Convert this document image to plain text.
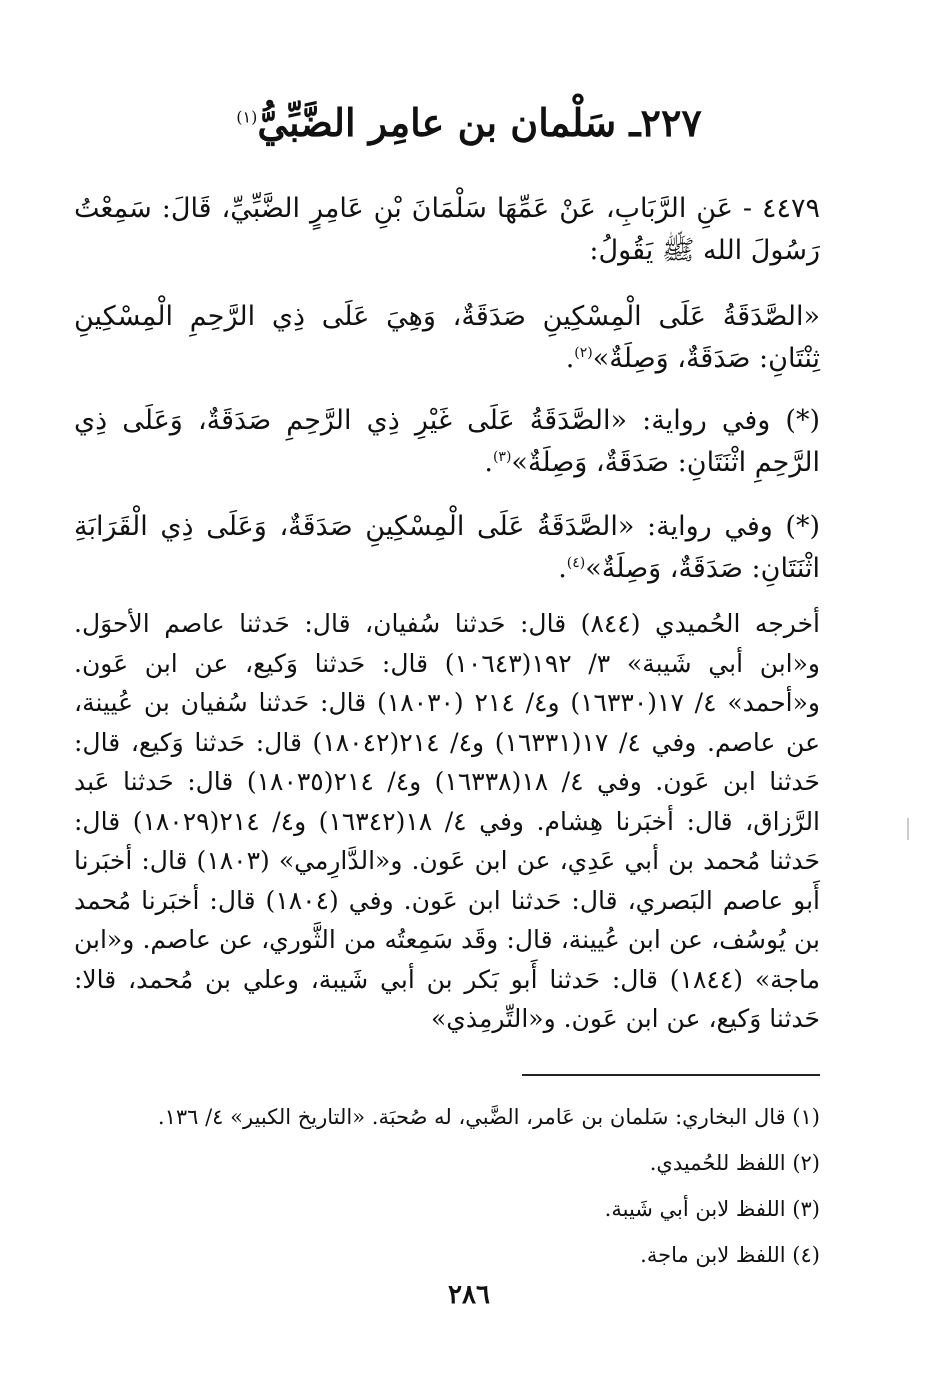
٢٢٧ـ سَلْمان بن عامِر الضَّبِّيُّ$^{(١)}$
٤٤٧٩ - عَنِ الرَّبَابِ، عَنْ عَمِّهَا سَلْمَانَ بْنِ عَامِرٍ الضَّبِّيِّ، قَالَ: سَمِعْتُ رَسُولَ الله ﷺ يَقُولُ:
«الصَّدَقَةُ عَلَى الْمِسْكِينِ صَدَقَةٌ، وَهِيَ عَلَى ذِي الرَّحِمِ الْمِسْكِينِ ثِنْتَانِ: صَدَقَةٌ، وَصِلَةٌ»$^{(٢)}$.
(*) وفي رواية: «الصَّدَقَةُ عَلَى غَيْرِ ذِي الرَّحِمِ صَدَقَةٌ، وَعَلَى ذِي الرَّحِمِ اثْنَتَانِ: صَدَقَةٌ، وَصِلَةٌ»$^{(٣)}$.
(*) وفي رواية: «الصَّدَقَةُ عَلَى الْمِسْكِينِ صَدَقَةٌ، وَعَلَى ذِي الْقَرَابَةِ اثْنَتَانِ: صَدَقَةٌ، وَصِلَةٌ»$^{(٤)}$.
أخرجه الحُميدي (٨٤٤) قال: حَدثنا سُفيان، قال: حَدثنا عاصم الأحوَل. و«ابن أبي شَيبة» ٣/ ١٩٢(١٠٦٤٣) قال: حَدثنا وَكيع، عن ابن عَون. و«أحمد» ٤/ ١٧(١٦٣٣٠) و٤/ ٢١٤ (١٨٠٣٠) قال: حَدثنا سُفيان بن عُيينة، عن عاصم. وفي ٤/ ١٧(١٦٣٣١) و٤/ ٢١٤(١٨٠٤٢) قال: حَدثنا وَكيع، قال: حَدثنا ابن عَون. وفي ٤/ ١٨(١٦٣٣٨) و٤/ ٢١٤(١٨٠٣٥) قال: حَدثنا عَبد الرَّزاق، قال: أخبَرنا هِشام. وفي ٤/ ١٨(١٦٣٤٢) و٤/ ٢١٤(١٨٠٢٩) قال: حَدثنا مُحمد بن أبي عَدِي، عن ابن عَون. و«الدَّارِمي» (١٨٠٣) قال: أخبَرنا أَبو عاصم البَصري، قال: حَدثنا ابن عَون. وفي (١٨٠٤) قال: أخبَرنا مُحمد بن يُوسُف، عن ابن عُيينة، قال: وقَد سَمِعتُه من الثَّوري، عن عاصم. و«ابن ماجة» (١٨٤٤) قال: حَدثنا أَبو بَكر بن أبي شَيبة، وعلي بن مُحمد، قالا: حَدثنا وَكيع، عن ابن عَون. و«التِّرمِذي»
(١) قال البخاري: سَلمان بن عَامر، الضَّبي، له صُحبَة. «التاريخ الكبير» ٤/ ١٣٦.
(٢) اللفظ للحُميدي.
(٣) اللفظ لابن أبي شَيبة.
(٤) اللفظ لابن ماجة.
٢٨٦
